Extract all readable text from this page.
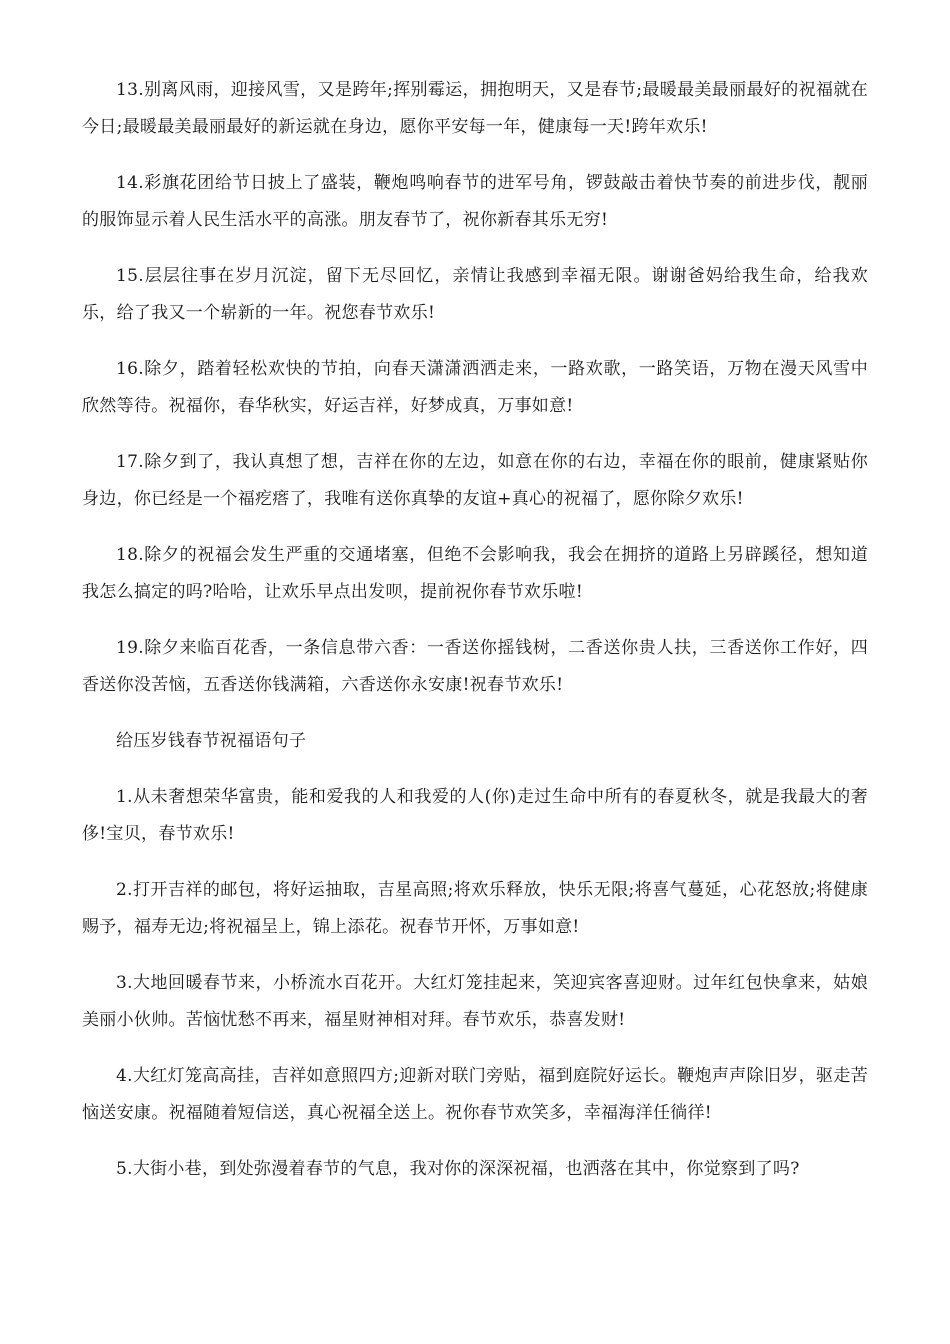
13.别离风雨，迎接风雪，又是跨年;挥别霉运，拥抱明天，又是春节;最暖最美最丽最好的祝福就在今日;最暖最美最丽最好的新运就在身边，愿你平安每一年，健康每一天!跨年欢乐!

14.彩旗花团给节日披上了盛装，鞭炮鸣响春节的进军号角，锣鼓敲击着快节奏的前进步伐，靓丽的服饰显示着人民生活水平的高涨。朋友春节了，祝你新春其乐无穷!

15.层层往事在岁月沉淀，留下无尽回忆，亲情让我感到幸福无限。谢谢爸妈给我生命，给我欢乐，给了我又一个崭新的一年。祝您春节欢乐!

16.除夕，踏着轻松欢快的节拍，向春天潇潇洒洒走来，一路欢歌，一路笑语，万物在漫天风雪中欣然等待。祝福你，春华秋实，好运吉祥，好梦成真，万事如意!

17.除夕到了，我认真想了想，吉祥在你的左边，如意在你的右边，幸福在你的眼前，健康紧贴你身边，你已经是一个福疙瘩了，我唯有送你真挚的友谊+真心的祝福了，愿你除夕欢乐!

18.除夕的祝福会发生严重的交通堵塞，但绝不会影响我，我会在拥挤的道路上另辟蹊径，想知道我怎么搞定的吗?哈哈，让欢乐早点出发呗，提前祝你春节欢乐啦!

19.除夕来临百花香，一条信息带六香：一香送你摇钱树，二香送你贵人扶，三香送你工作好，四香送你没苦恼，五香送你钱满箱，六香送你永安康!祝春节欢乐!

给压岁钱春节祝福语句子

1.从未奢想荣华富贵，能和爱我的人和我爱的人(你)走过生命中所有的春夏秋冬，就是我最大的奢侈!宝贝，春节欢乐!

2.打开吉祥的邮包，将好运抽取，吉星高照;将欢乐释放，快乐无限;将喜气蔓延，心花怒放;将健康赐予，福寿无边;将祝福呈上，锦上添花。祝春节开怀，万事如意!

3.大地回暖春节来，小桥流水百花开。大红灯笼挂起来，笑迎宾客喜迎财。过年红包快拿来，姑娘美丽小伙帅。苦恼忧愁不再来，福星财神相对拜。春节欢乐，恭喜发财!

4.大红灯笼高高挂，吉祥如意照四方;迎新对联门旁贴，福到庭院好运长。鞭炮声声除旧岁，驱走苦恼送安康。祝福随着短信送，真心祝福全送上。祝你春节欢笑多，幸福海洋任徜徉!

5.大街小巷，到处弥漫着春节的气息，我对你的深深祝福，也洒落在其中，你觉察到了吗?
